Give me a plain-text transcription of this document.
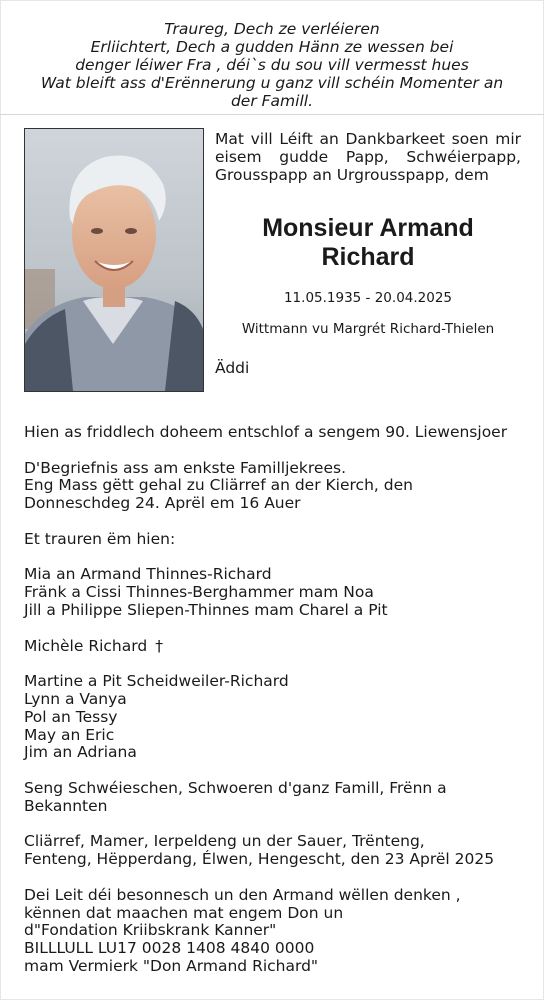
Traureg, Dech ze verléieren
Erliichtert, Dech a gudden Hänn ze wessen bei
denger léiwer Fra , déi`s du sou vill vermesst hues
Wat bleift ass d'Erënnerung u ganz vill schéin Momenter an
der Famill.
Mat vill Léift an Dankbarkeet soen mir
eisem gudde Papp, Schwéierpapp,
Grousspapp an Urgrousspapp, dem
Monsieur Armand
Richard
11.05.1935 - 20.04.2025
Wittmann vu Margrét Richard-Thielen
Äddi

Hien as friddlech doheem entschlof a sengem 90. Liewensjoer

D'Begriefnis ass am enkste Familljekrees.
Eng Mass gëtt gehal zu Cliärref an der Kierch, den
Donneschdeg 24. Aprël em 16 Auer

Et trauren ëm hien:

Mia an Armand Thinnes-Richard
Fränk a Cissi Thinnes-Berghammer mam Noa
Jill a Philippe Sliepen-Thinnes mam Charel a Pit

Michèle Richard †

Martine a Pit Scheidweiler-Richard
Lynn a Vanya
Pol an Tessy
May an Eric
Jim an Adriana

Seng Schwéieschen, Schwoeren d'ganz Famill, Frënn a
Bekannten

Cliärref, Mamer, Ierpeldeng un der Sauer, Trënteng,
Fenteng, Hëpperdang, Élwen, Hengescht, den 23 Aprël 2025

Dei Leit déi besonnesch un den Armand wëllen denken ,
kënnen dat maachen mat engem Don un
d"Fondation Kriibskrank Kanner"
BILLLULL LU17 0028 1408 4840 0000
mam Vermierk "Don Armand Richard"
